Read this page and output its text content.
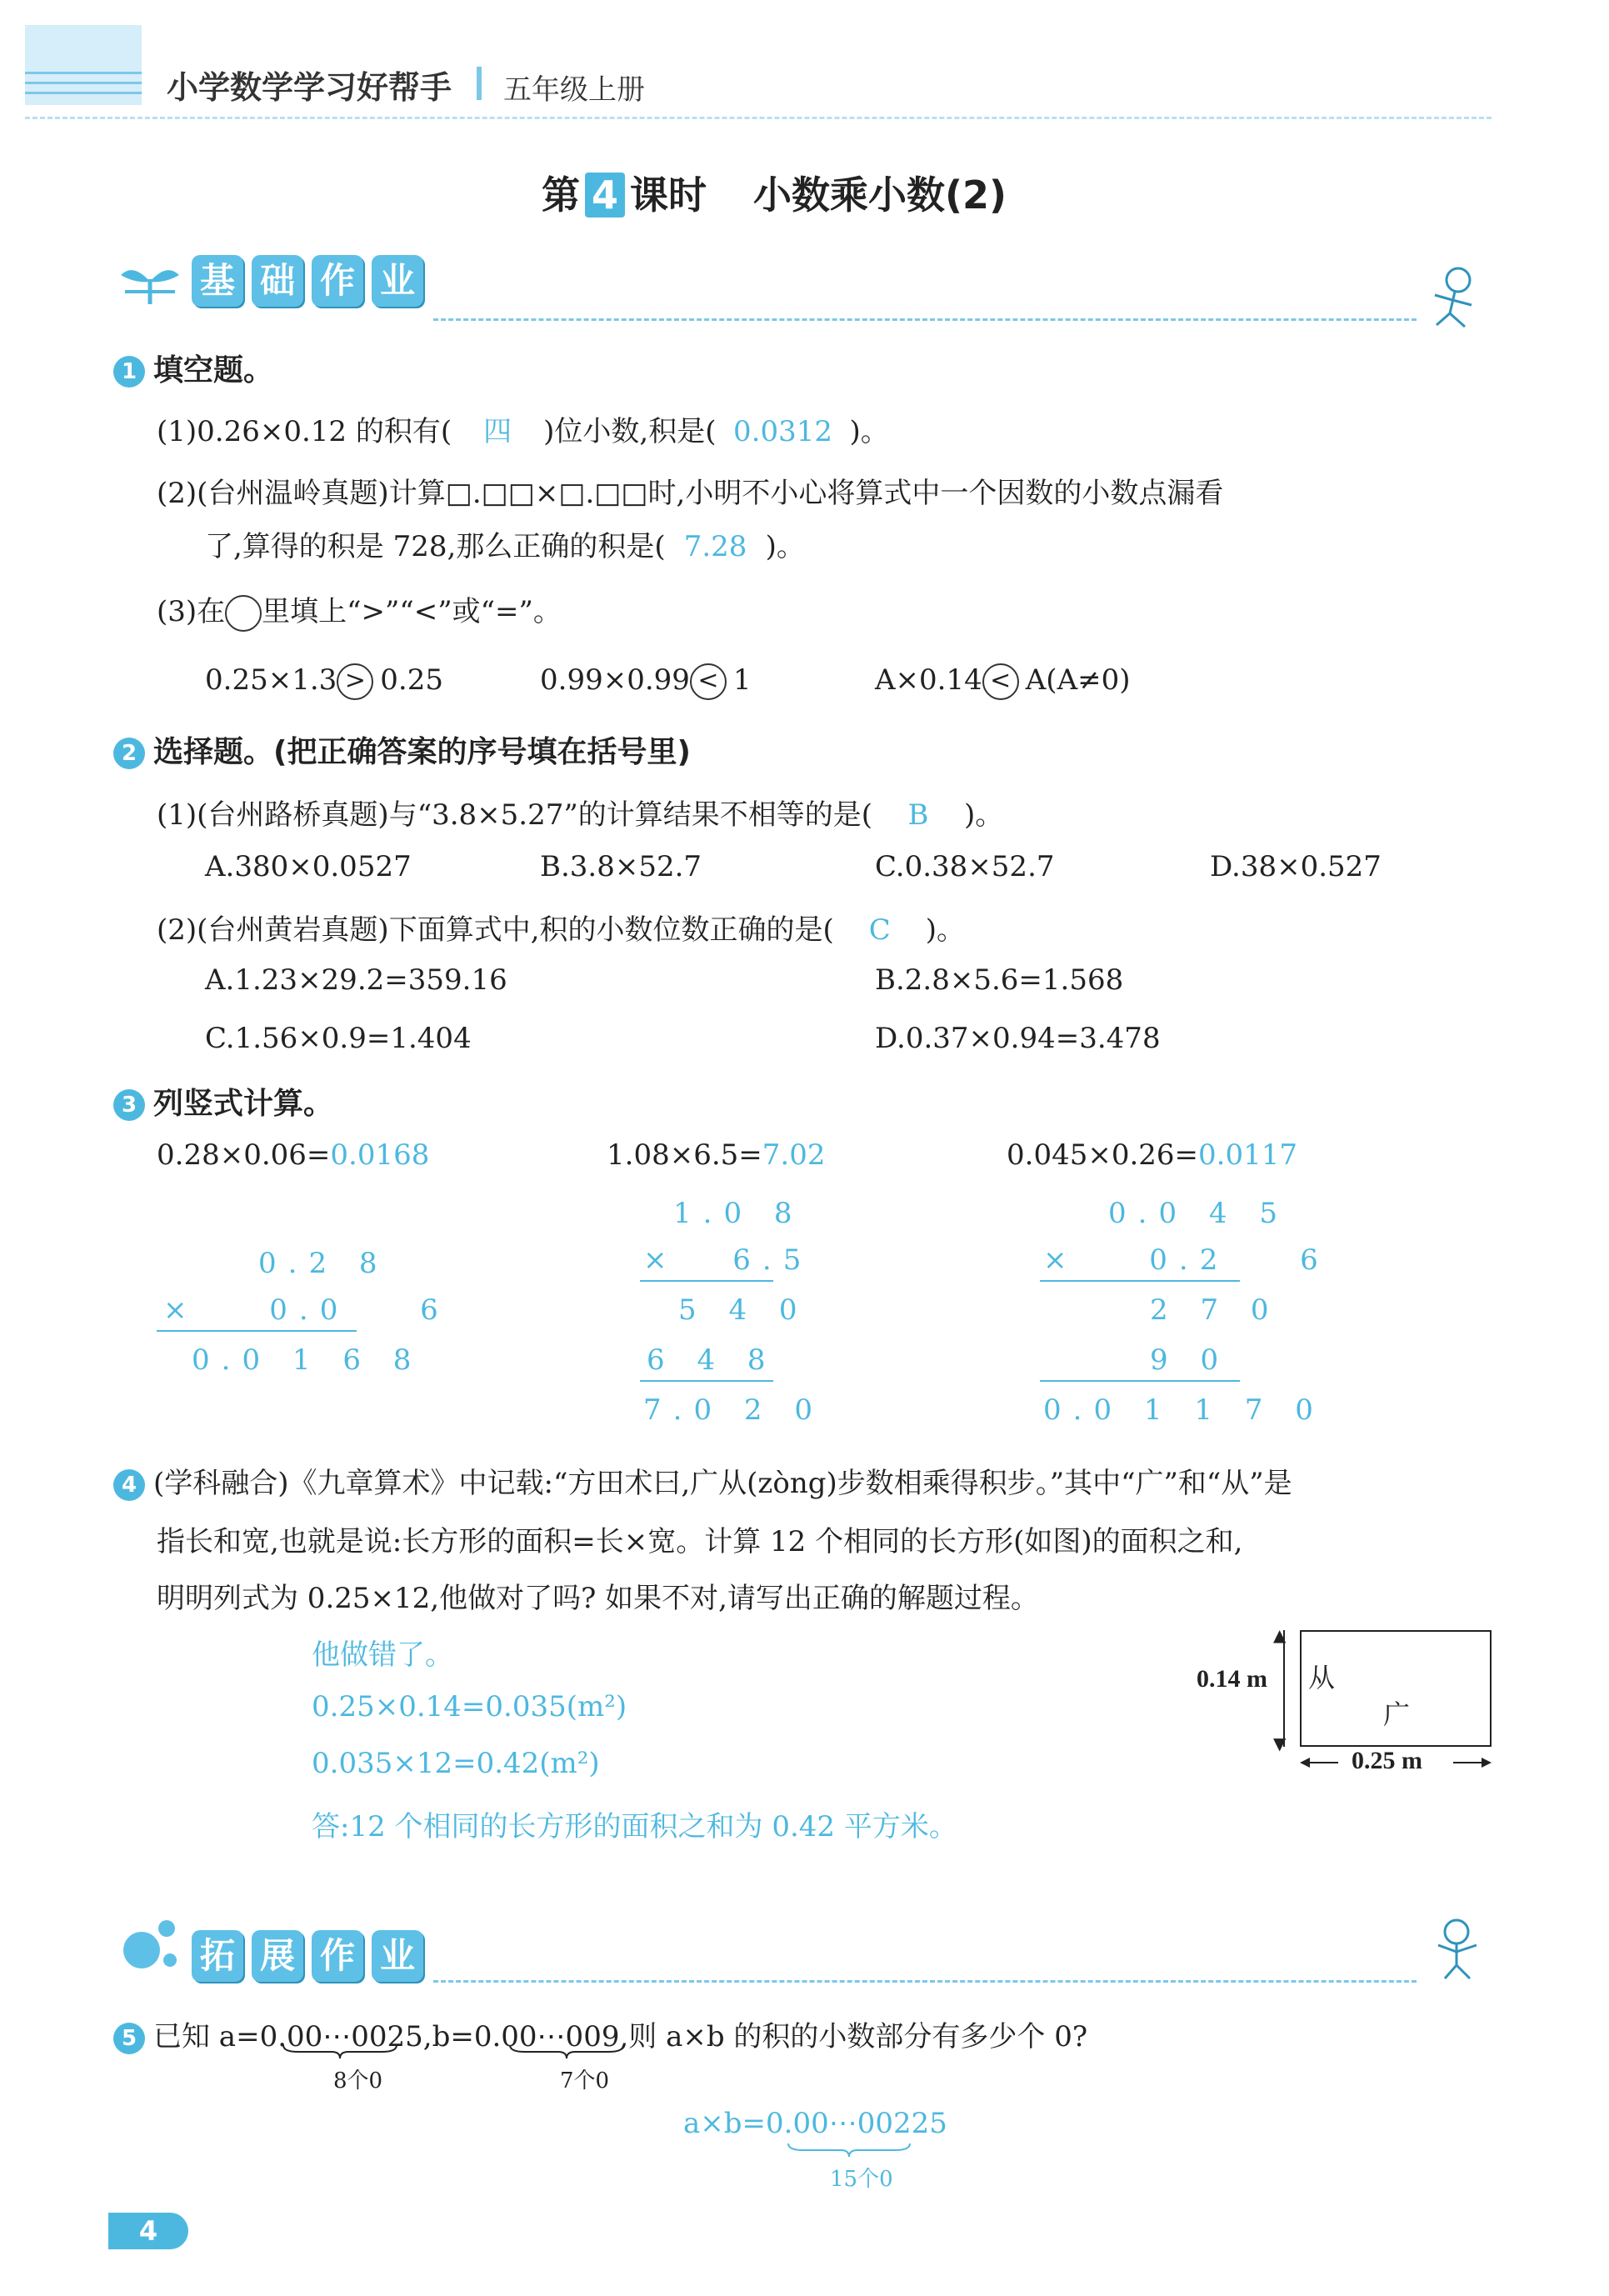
小学数学学习好帮手 五年级上册
第 4 课时 小数乘小数(2)
基 础 作 业
1 填空题。
(1)0.26×0.12 的积有( 四 )位小数,积是( 0.0312 )。
(2)(台州温岭真题)计算□.□□×□.□□时,小明不小心将算式中一个因数的小数点漏看
了,算得的积是 728,那么正确的积是( 7.28 )。
(3)在 里填上“>”“<”或“=”。
0.25×1.3 > 0.25	0.99×0.99 < 1	A×0.14 < A(A≠0)
2 选择题。(把正确答案的序号填在括号里)
(1)(台州路桥真题)与“3.8×5.27”的计算结果不相等的是( B )。
A.380×0.0527	B.3.8×52.7	C.0.38×52.7	D.38×0.527
(2)(台州黄岩真题)下面算式中,积的小数位数正确的是( C )。
A.1.23×29.2=359.16	B.2.8×5.6=1.568
C.1.56×0.9=1.404	D.0.37×0.94=3.478
3 列竖式计算。
0.28×0.06=0.0168	1.08×6.5=7.02	0.045×0.26=0.0117
0.2 8
× 0.0 6
0.0 1 6 8
1.0 8
× 6.5
5 4 0
6 4 8
7.0 2 0
0.0 4 5
× 0.2 6
2 7 0
9 0
0.0 1 1 7 0
4 (学科融合)《九章算术》中记载:“方田术曰,广从(zòng)步数相乘得积步。”其中“广”和“从”是
指长和宽,也就是说:长方形的面积=长×宽。计算 12 个相同的长方形(如图)的面积之和,
明明列式为 0.25×12,他做对了吗? 如果不对,请写出正确的解题过程。
他做错了。
0.25×0.14=0.035(m²)
0.035×12=0.42(m²)
答:12 个相同的长方形的面积之和为 0.42 平方米。
▲
▼
0.14 m 从
广
0.25 m
拓 展 作 业
5 已知 a=0.00⋯0025,b=0.00⋯009,则 a×b 的积的小数部分有多少个 0?
8个0	7个0
a×b=0.00⋯00225
15个0
4
